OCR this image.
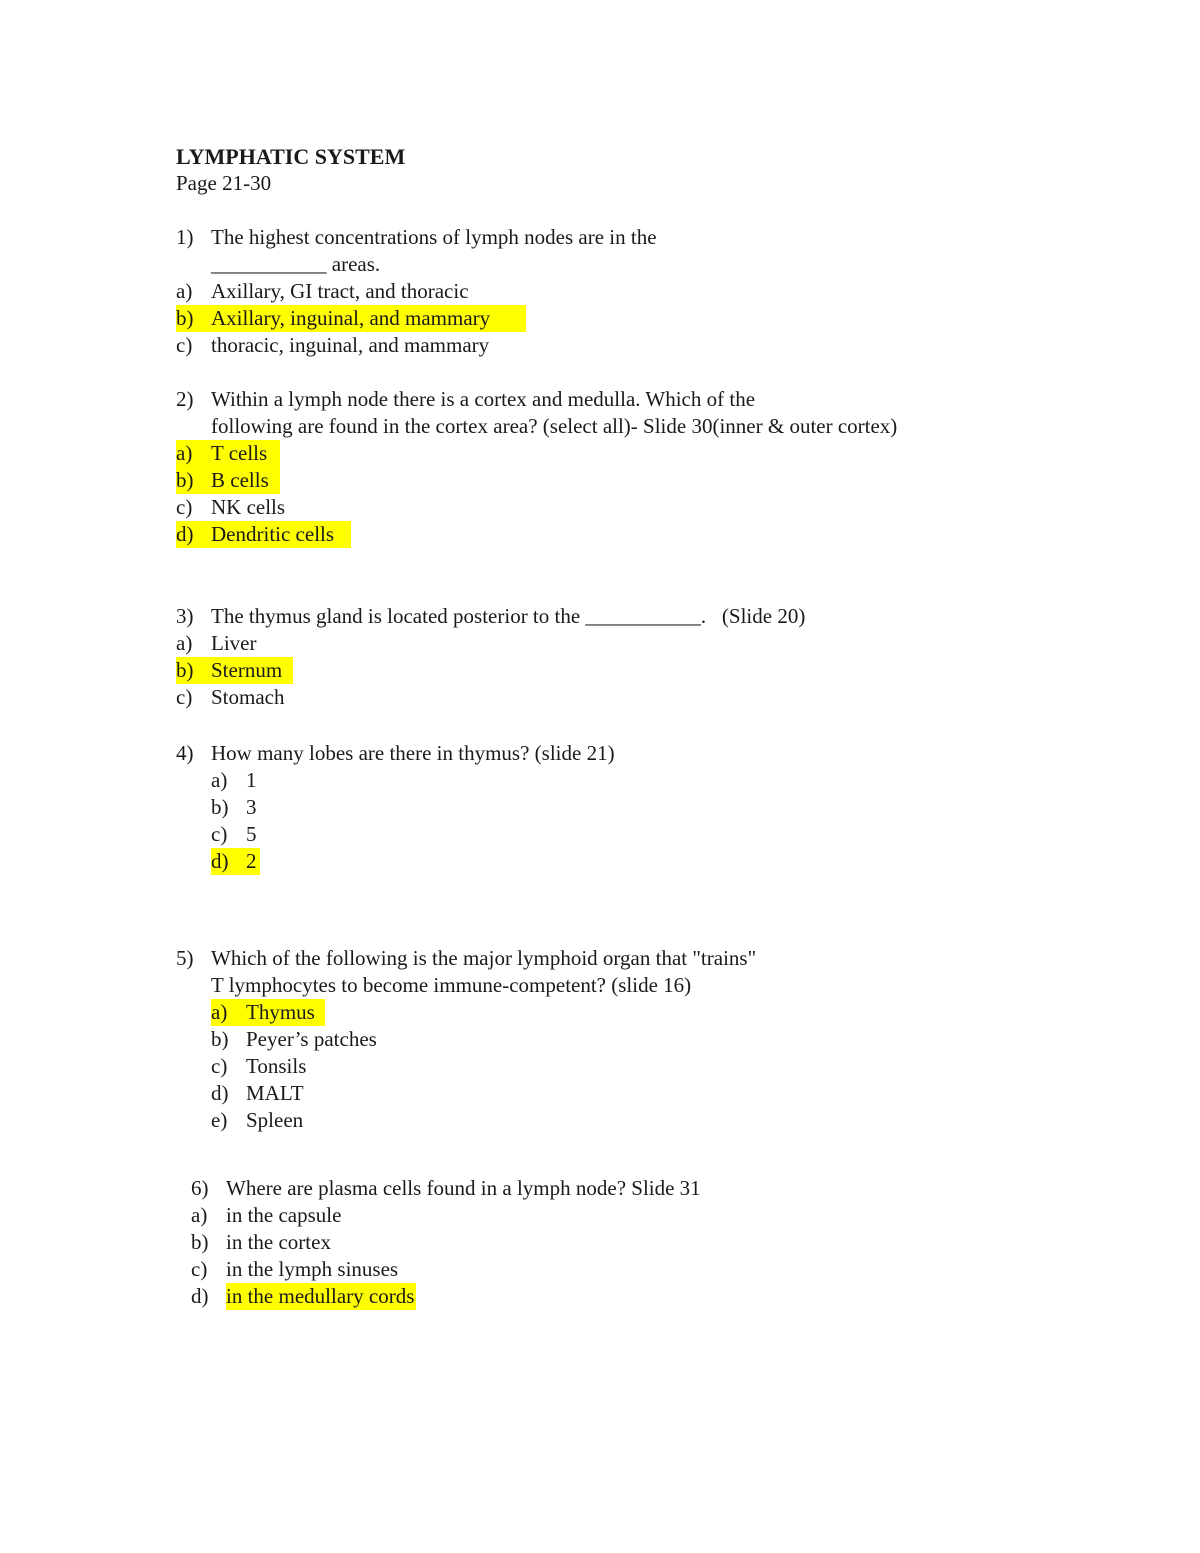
LYMPHATIC SYSTEM
Page 21-30
1) The highest concentrations of lymph nodes are in the
___________ areas.
a) Axillary, GI tract, and thoracic
b) Axillary, inguinal, and mammary
c) thoracic, inguinal, and mammary
2) Within a lymph node there is a cortex and medulla. Which of the
following are found in the cortex area? (select all)- Slide 30(inner & outer cortex)
a) T cells
b) B cells
c) NK cells
d) Dendritic cells
3) The thymus gland is located posterior to the ___________.   (Slide 20)
a) Liver
b) Sternum
c) Stomach
4) How many lobes are there in thymus? (slide 21)
a) 1
b) 3
c) 5
d) 2
5) Which of the following is the major lymphoid organ that "trains"
T lymphocytes to become immune-competent? (slide 16)
a) Thymus
b) Peyer’s patches
c) Tonsils
d) MALT
e) Spleen
6) Where are plasma cells found in a lymph node? Slide 31
a) in the capsule
b) in the cortex
c) in the lymph sinuses
d) in the medullary cords
